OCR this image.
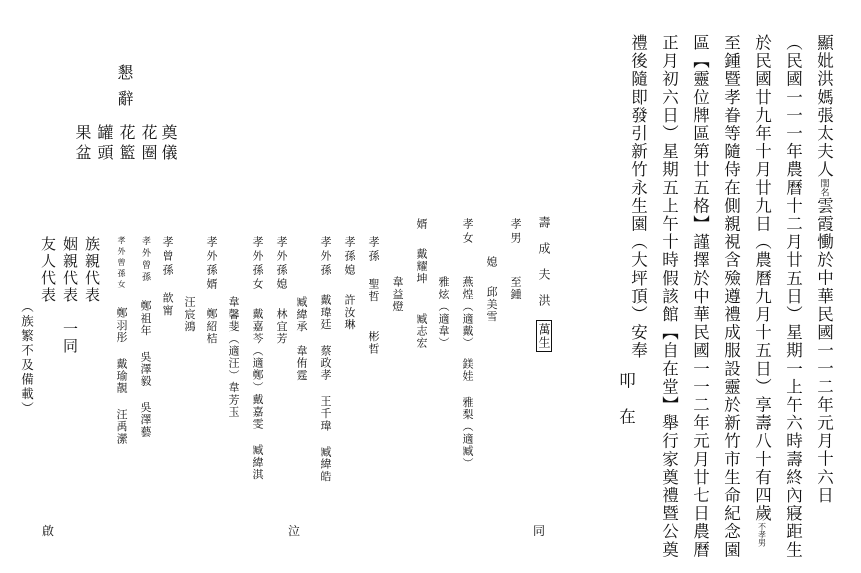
顯妣洪媽張太夫人閨名雲霞慟於中華民國一一二年元月十六日
（民國一一一年農曆十二月廿五日）星期一上午六時壽終內寢距生
於民國廿九年十月廿九日（農曆九月十五日）享壽八十有四歲不孝男
至鍾暨孝眷等隨侍在側親視含殮遵禮成服設靈於新竹市生命紀念園
區【靈位牌區第廿五格】謹擇於中華民國一一二年元月廿七日農曆
正月初六日）星期五上午十時假該館【自在堂】舉行家奠禮暨公奠
禮後隨即發引新竹永生園（大坪頂）安奉
叩　在
壽成夫洪萬生
孝男　 至鍾
媳 邱美雪
孝女　 燕煌（適戴）　鎂娃　雅梨（適臧）
婿 戴耀坤　　臧志宏
韋益燈	雅炫（適韋）
孝孫　聖哲　　彬哲
孝孫媳 許汝琳
孝外孫 戴瑋廷　蔡政孝　王千瑋　臧緯皓
臧緯承　韋侑霆
孝外孫媳 林宜芳
孝外孫女 戴嘉芩（適鄭）戴嘉雯　臧緯淇
韋馨斐（適汪）韋芳玉
孝外孫婿 鄭紹桔
汪宸鴻
孝曾孫　歆甯
孝外曾孫 鄭祖年　吳澤毅　吳澤藝
孝外曾孫女 鄭羽彤　戴瑜靚　汪禹瀠
同
泣
族親代表
姻親代表　一同
友人代表
（族繁不及備載）
啟
懇辭
奠儀
花圈
花籃
罐頭
果盆
